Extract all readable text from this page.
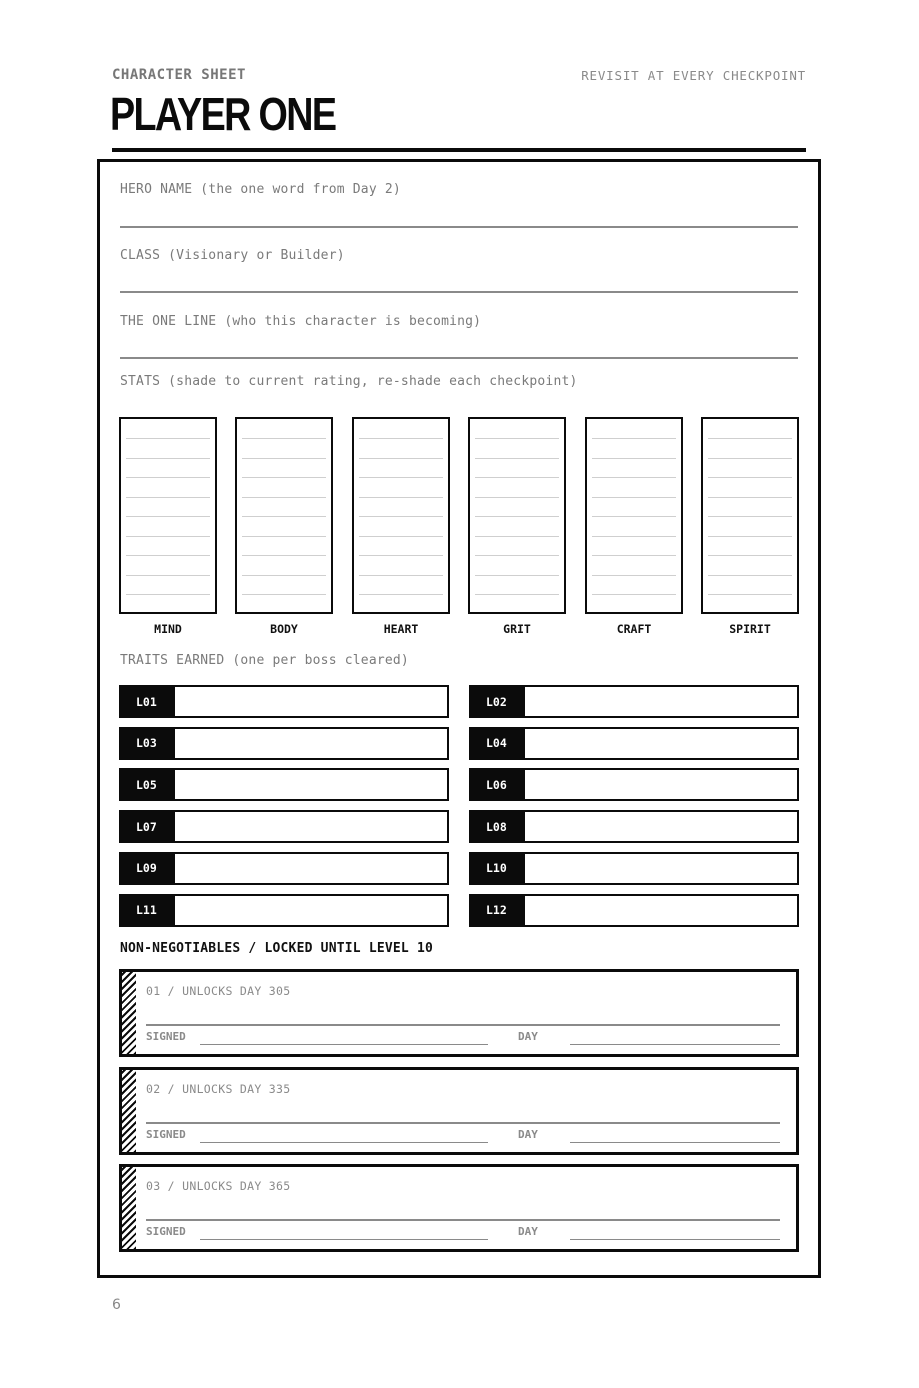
CHARACTER SHEET	REVISIT AT EVERY CHECKPOINT
PLAYER ONE
HERO NAME (the one word from Day 2)
CLASS (Visionary or Builder)
THE ONE LINE (who this character is becoming)
STATS (shade to current rating, re-shade each checkpoint)
MIND	BODY	HEART	GRIT	CRAFT	SPIRIT
TRAITS EARNED (one per boss cleared)
L01	L02
L03	L04
L05	L06
L07	L08
L09	L10
L11	L12
NON-NEGOTIABLES / LOCKED UNTIL LEVEL 10
01 / UNLOCKS DAY 305
SIGNED	DAY
02 / UNLOCKS DAY 335
SIGNED	DAY
03 / UNLOCKS DAY 365
SIGNED	DAY
6
